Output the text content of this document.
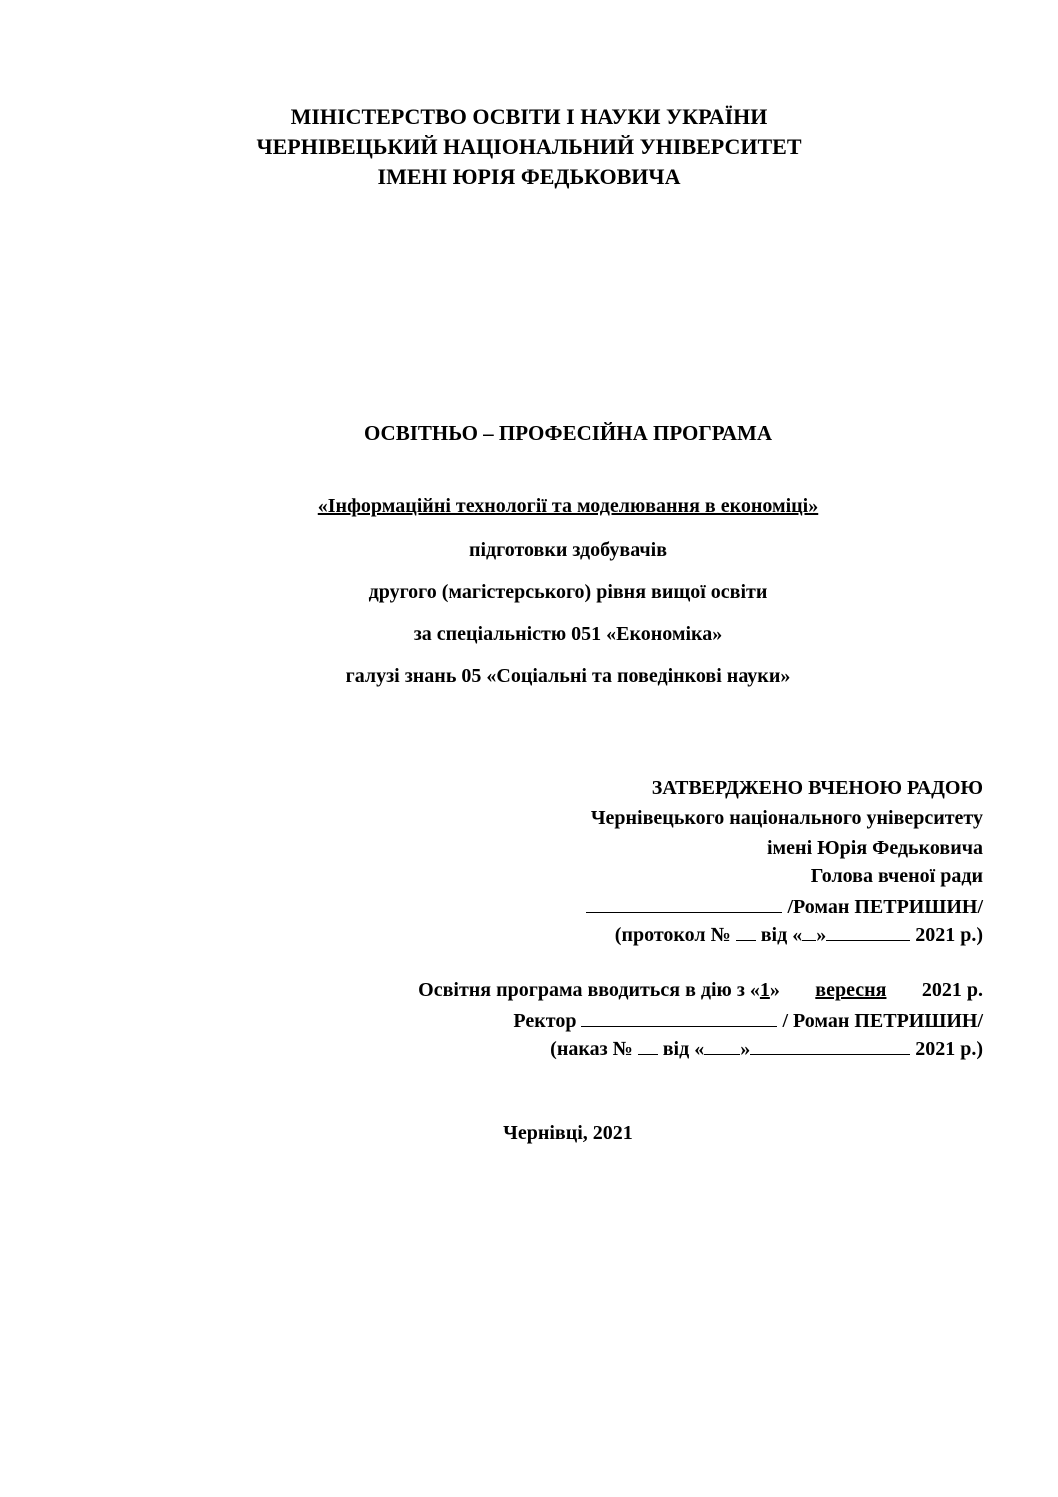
МІНІСТЕРСТВО ОСВІТИ І НАУКИ УКРАЇНИ
ЧЕРНІВЕЦЬКИЙ НАЦІОНАЛЬНИЙ УНІВЕРСИТЕТ
ІМЕНІ ЮРІЯ ФЕДЬКОВИЧА
ОСВІТНЬО – ПРОФЕСІЙНА ПРОГРАМА
«Інформаційні технології та моделювання в економіці»
підготовки здобувачів
другого (магістерського) рівня вищої освіти
за спеціальністю 051 «Економіка»
галузі знань 05 «Соціальні та поведінкові науки»
ЗАТВЕРДЖЕНО ВЧЕНОЮ РАДОЮ
Чернівецького національного університету
імені Юрія Федьковича
Голова вченої ради
/Роман ПЕТРИШИН/
(протокол № від « »	2021 р.)
Освітня програма вводиться в дію з «1» вересня 2021 р.
Ректор	/ Роман ПЕТРИШИН/
(наказ № від « »	2021 р.)
Чернівці, 2021
